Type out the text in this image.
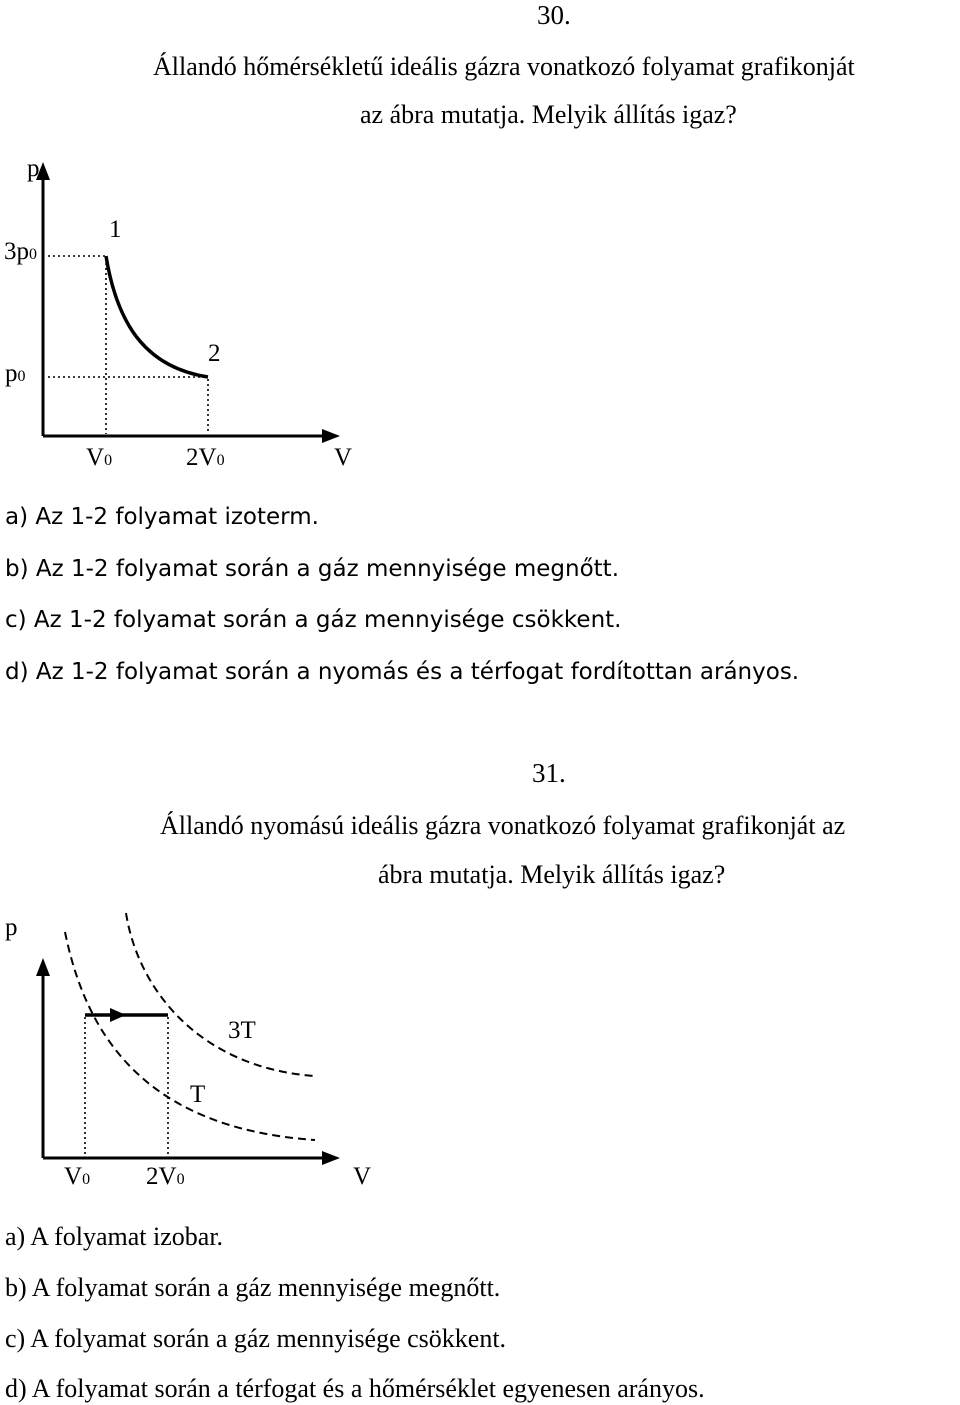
30.
Állandó hőmérsékletű ideális gázra vonatkozó folyamat grafikonját
az ábra mutatja. Melyik állítás igaz?
p
3p0
p0
1
2
V0	2V0	V
a) Az 1-2 folyamat izoterm.
b) Az 1-2 folyamat során a gáz mennyisége megnőtt.
c) Az 1-2 folyamat során a gáz mennyisége csökkent.
d) Az 1-2 folyamat során a nyomás és a térfogat fordítottan arányos.
31.
Állandó nyomású ideális gázra vonatkozó folyamat grafikonját az
ábra mutatja. Melyik állítás igaz?
p
3T
T
V0 2V0	V
a) A folyamat izobar.
b) A folyamat során a gáz mennyisége megnőtt.
c) A folyamat során a gáz mennyisége csökkent.
d) A folyamat során a térfogat és a hőmérséklet egyenesen arányos.
